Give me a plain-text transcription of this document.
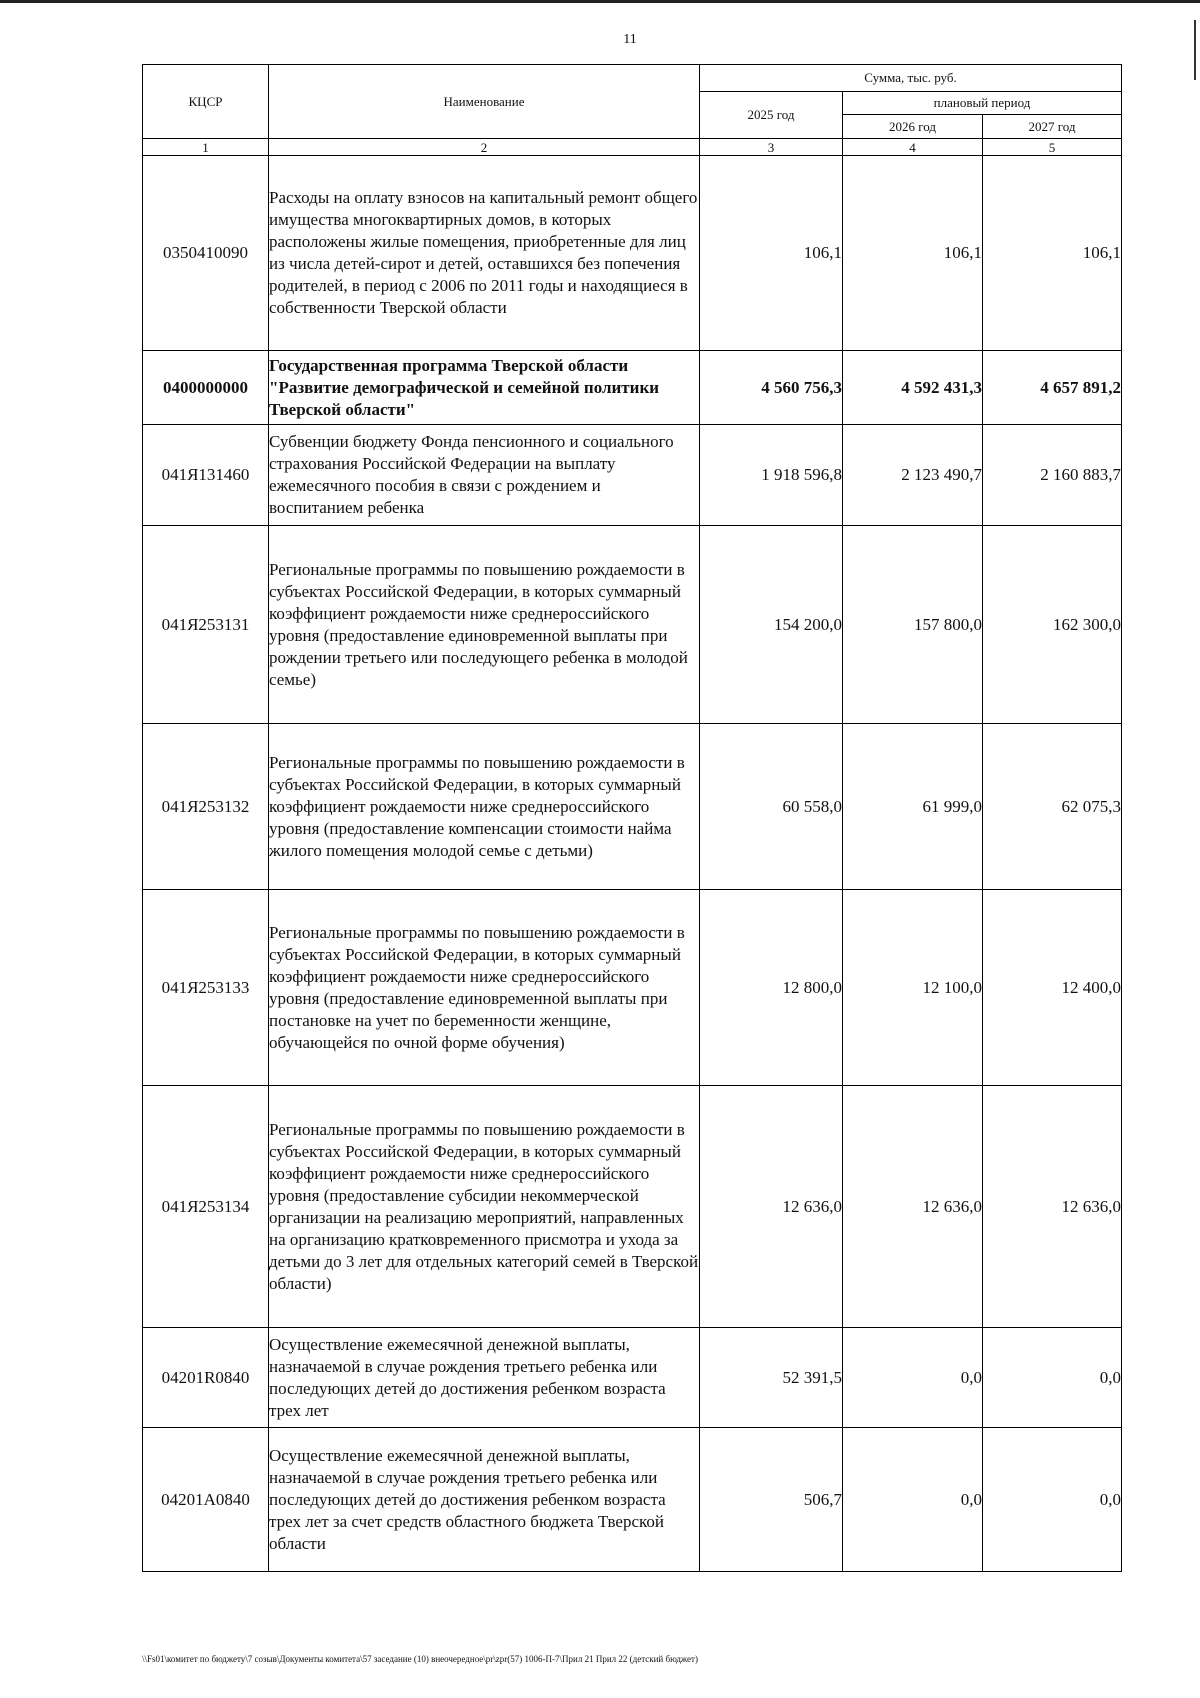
11
КЦСР	Наименование	Сумма, тыс. руб.		
		2025 год	плановый период	
			2026 год	2027 год
1	2	3	4	5
0350410090	Расходы на оплату взносов на капитальный ремонт общего имущества многоквартирных домов, в которых расположены жилые помещения, приобретенные для лиц из числа детей-сирот и детей, оставшихся без попечения родителей, в период с 2006 по 2011 годы и находящиеся в собственности Тверской области	106,1	106,1	106,1
0400000000	Государственная программа Тверской области "Развитие демографической и семейной политики Тверской области"	4 560 756,3	4 592 431,3	4 657 891,2
041Я131460	Субвенции бюджету Фонда пенсионного и социального страхования Российской Федерации на выплату ежемесячного пособия в связи с рождением и воспитанием ребенка	1 918 596,8	2 123 490,7	2 160 883,7
041Я253131	Региональные программы по повышению рождаемости в субъектах Российской Федерации, в которых суммарный коэффициент рождаемости ниже среднероссийского уровня (предоставление единовременной выплаты при рождении третьего или последующего ребенка в молодой семье)	154 200,0	157 800,0	162 300,0
041Я253132	Региональные программы по повышению рождаемости в субъектах Российской Федерации, в которых суммарный коэффициент рождаемости ниже среднероссийского уровня (предоставление компенсации стоимости найма жилого помещения молодой семье с детьми)	60 558,0	61 999,0	62 075,3
041Я253133	Региональные программы по повышению рождаемости в субъектах Российской Федерации, в которых суммарный коэффициент рождаемости ниже среднероссийского уровня (предоставление единовременной выплаты при постановке на учет по беременности женщине, обучающейся по очной форме обучения)	12 800,0	12 100,0	12 400,0
041Я253134	Региональные программы по повышению рождаемости в субъектах Российской Федерации, в которых суммарный коэффициент рождаемости ниже среднероссийского уровня (предоставление субсидии некоммерческой организации на реализацию мероприятий, направленных на организацию кратковременного присмотра и ухода за детьми до 3 лет для отдельных категорий семей в Тверской области)	12 636,0	12 636,0	12 636,0
04201R0840	Осуществление ежемесячной денежной выплаты, назначаемой в случае рождения третьего ребенка или последующих детей до достижения ребенком возраста трех лет	52 391,5	0,0	0,0
04201A0840	Осуществление ежемесячной денежной выплаты, назначаемой в случае рождения третьего ребенка или последующих детей до достижения ребенком возраста трех лет за счет средств областного бюджета Тверской области	506,7	0,0	0,0
\\Fs01\комитет по бюджету\7 созыв\Документы комитета\57 заседание (10) внеочередное\pr\zpr(57) 1006-П-7\Прил 21 Прил 22 (детский бюджет)
